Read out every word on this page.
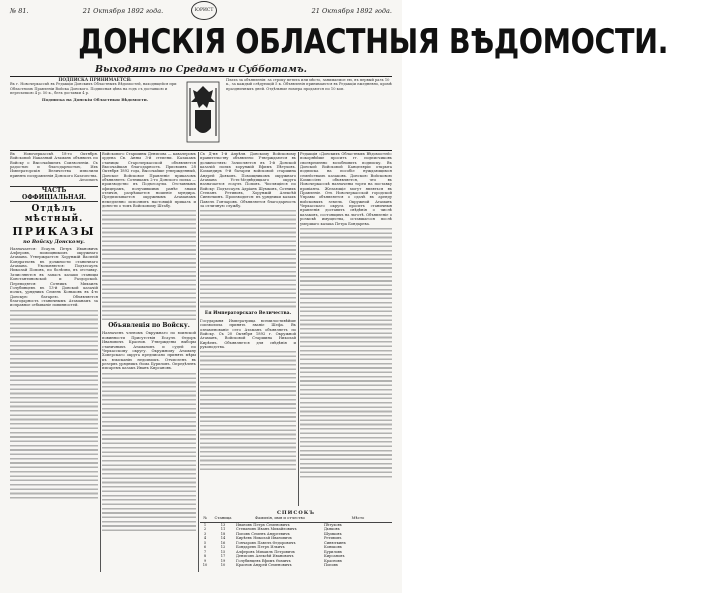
№ 81.	21 Октября 1892 года.	21 Октября 1892 года.
ЮРИСТ
ДОНСКІЯ ОБЛАСТНЫЯ ВѢДОМОСТИ.
Выходятъ по Средамъ и Субботамъ.
ПОДПИСКА ПРИНИМАЕТСЯ:
Въ г. Новочеркасскѣ въ Редакціи Донскихъ Областныхъ Вѣдомостей, находящейся при Областномъ Правленіи Войска Донского. Подписная цѣна на годъ съ доставкою и пересылкою 4 р. 50 к., безъ доставки 4 р.
Подписка на Донскія Областныя Вѣдомости.
Плата за объявленія: за строку петита или мѣсто, занимаемое ею, въ первый разъ 10 к., за каждый слѣдующій 5 к. Объявленія принимаются въ Редакціи ежедневно, кромѣ праздничныхъ дней. Отдѣльные номера продаются по 10 коп.
Въ Новочеркасскѣ 18-го Октября. Войсковой Наказный Атаманъ объявилъ по Войску о Высочайшемъ Соизволеніи. Съ радостью и благодарностью, Ихъ Императорскія Величества изволили принять поздравленія Донского Казачества.
Атаманъ
ЧАСТЬ ОФФИЦІАЛЬНАЯ.
Отдѣлъ мѣстный.
ПРИКАЗЫ
по Войску Донскому.
Назначается: Есаулъ Петръ Ивановичъ Алферовъ, помощникомъ окружнаго Атамана. Утверждается: Хорунжій Василій Кондратьевъ въ должности станичнаго Атамана. Увольняются: Подъесаулъ Николай Поповъ, по болѣзни, въ отставку. Зачисляются въ запасъ казаки станицы Константиновской и Раздорской. Переводятся: Сотникъ Михаилъ Голубинцевъ въ 13-й Донской казачій полкъ, урядникъ Семенъ Коньковъ въ 4-ю Донскую батарею. Объявляется благодарность станичнымъ Атаманамъ за исправное отбываніе повинностей.
Войскового Старшины Денисова — кавалеромъ ордена Св. Анны 3-й степени. Казакамъ станицы Старочеркасской объявляется Высочайшая благодарность. Присвоивъ 28 Октября 1892 года, Высочайше утвержденный, Донское Войсковое Правленіе приказомъ объявляетъ: Сотникамъ 2-го Донского полка — производство въ Подъесаулы. Отставнымъ офицерамъ, получившимъ ранѣе знаки отличія, разрѣшается ношеніе мундира. Предписывается окружнымъ Атаманамъ немедленно исполнить настоящій приказъ и донести о томъ Войсковому Штабу.
Объявленія по Войску.
Назначенъ членомъ Окружнаго по воинской повинности Присутствія Есаулъ Ѳедоръ Ивановичъ Краснов. Утверждены выборы станичныхъ Атамановъ и судей по Черкасскому округу. Окружному Атаману Хоперскаго округа предписано принять мѣры къ взысканію недоимокъ. Отчисленъ въ резервъ урядникъ Ѳома Буриловъ. Опредѣленъ писаремъ казакъ Иванъ Кирсановъ.
Съ Д-ня 1-й Апрѣля. Донскому Войсковому правительству объявлено: Утверждаются въ должностяхъ: Зачисляется въ 1-й Донской казачій полкъ хорунжій Ефимъ Пѣтуховъ. Командиръ 9-й батареи войсковой старшина Андрей Дьяковъ. Помощникомъ окружнаго Атамана Усть-Медвѣдицкаго округа назначается есаулъ Поповъ. Числящіеся по Войску: Подъесаулъ Адріанъ Шумковъ, Сотникъ Степанъ Ретивовъ, Хорунжій Алексѣй Синюткинъ. Производится: въ урядники казакъ Павелъ Гончаровъ. Объявляется благодарность за отличную службу.
Ея Императорскаго Величества.
Государыня Императрица всемилостивѣйше соизволила принять званіе Шефа. Въ ознаменованіе сего Атаманъ объявляетъ по Войску. Съ 20 Октября 1892 г. Окружной Атаманъ, Войсковой Старшина Николай Кирѣевъ. Объявляется для свѣдѣнія и руководства.
Редакція «Донскихъ Областныхъ Вѣдомостей» покорнѣйше проситъ гг. подписчиковъ своевременно возобновить подписку. Въ Донской Войсковой Канцеляріи открыта подписка на пособіе нуждающимся семействамъ казаковъ. Донскою Войсковою Комиссіею объявляется, что въ Новочеркасскѣ назначены торги на поставку провіанта. Желающіе могут являться въ Правленіе. Отъ Новочеркасской городской Управы объявляется о сдачѣ въ аренду войсковыхъ земель. Окружной Атаманъ Черкасскаго округа проситъ станичныя правленія доставить свѣдѣнія о числѣ казаковъ, состоящихъ на льготѣ. Объявленіе о розыскѣ имущества, оставшагося послѣ умершаго казака Петра Бондарева.
СПИСОКЪ
№	Станица	Фамилія, имя и отчество	Мѣсто
1	13	Ивановъ Петръ Семеновичъ	Пѣтуховъ
2	11	Степановъ Иванъ Михайловичъ	Дьяковъ
3	18	Поповъ Семенъ Андреевичъ	Шумковъ
4	14	Кирѣевъ Николай Ивановичъ	Ретивовъ
5	16	Гончаровъ Павелъ Ѳедоровичъ	Синюткинъ
6	12	Бондаревъ Петръ Ильичъ	Коньковъ
7	15	Алферовъ Михаилъ Петровичъ	Буриловъ
8	17	Денисовъ Алексѣй Ивановичъ	Кирсановъ
9	19	Голубинцевъ Ефимъ Ѳомичъ	Красновъ
10	10	Краснов Андрей Семеновичъ	Поповъ
